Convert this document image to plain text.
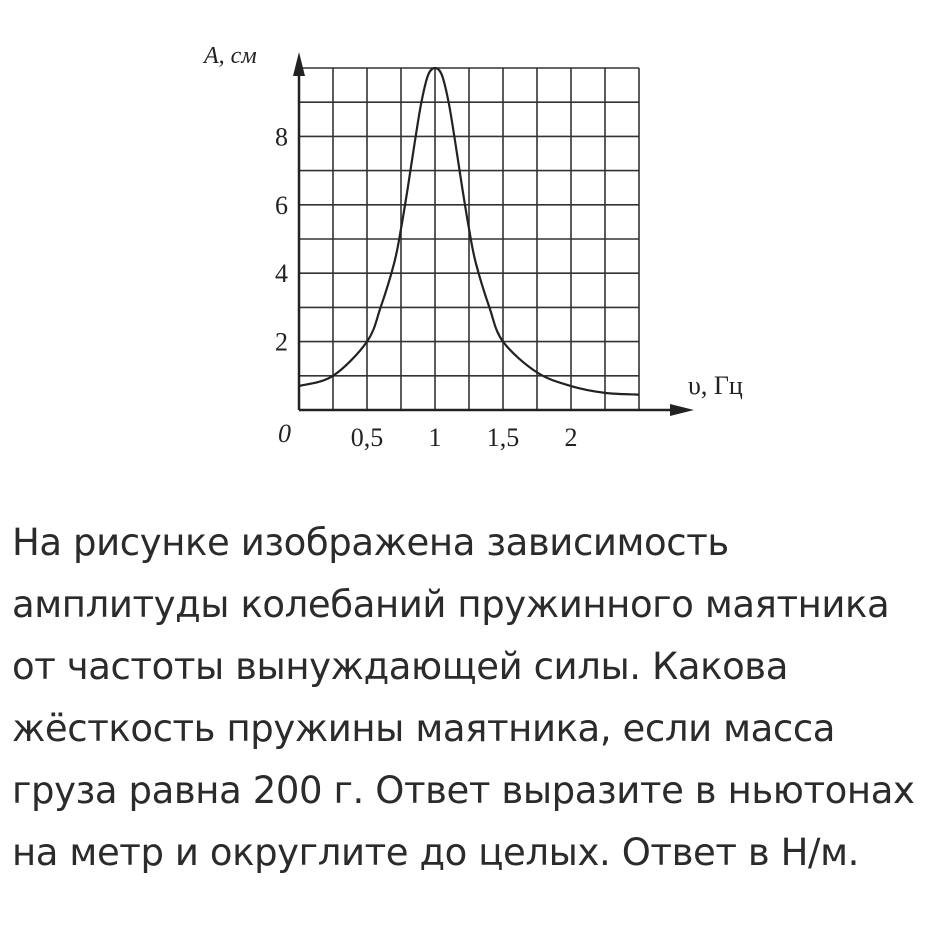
0,5 1 1,5 2
2
4
6
8
A, см
υ, Гц
0

На рисунке изображена зависимость амплитуды колебаний пружинного маятника от частоты вынуждающей силы. Какова жёсткость пружины маятника, если масса груза равна 200 г. Ответ выразите в ньютонах на метр и округлите до целых. Ответ в Н/м.
